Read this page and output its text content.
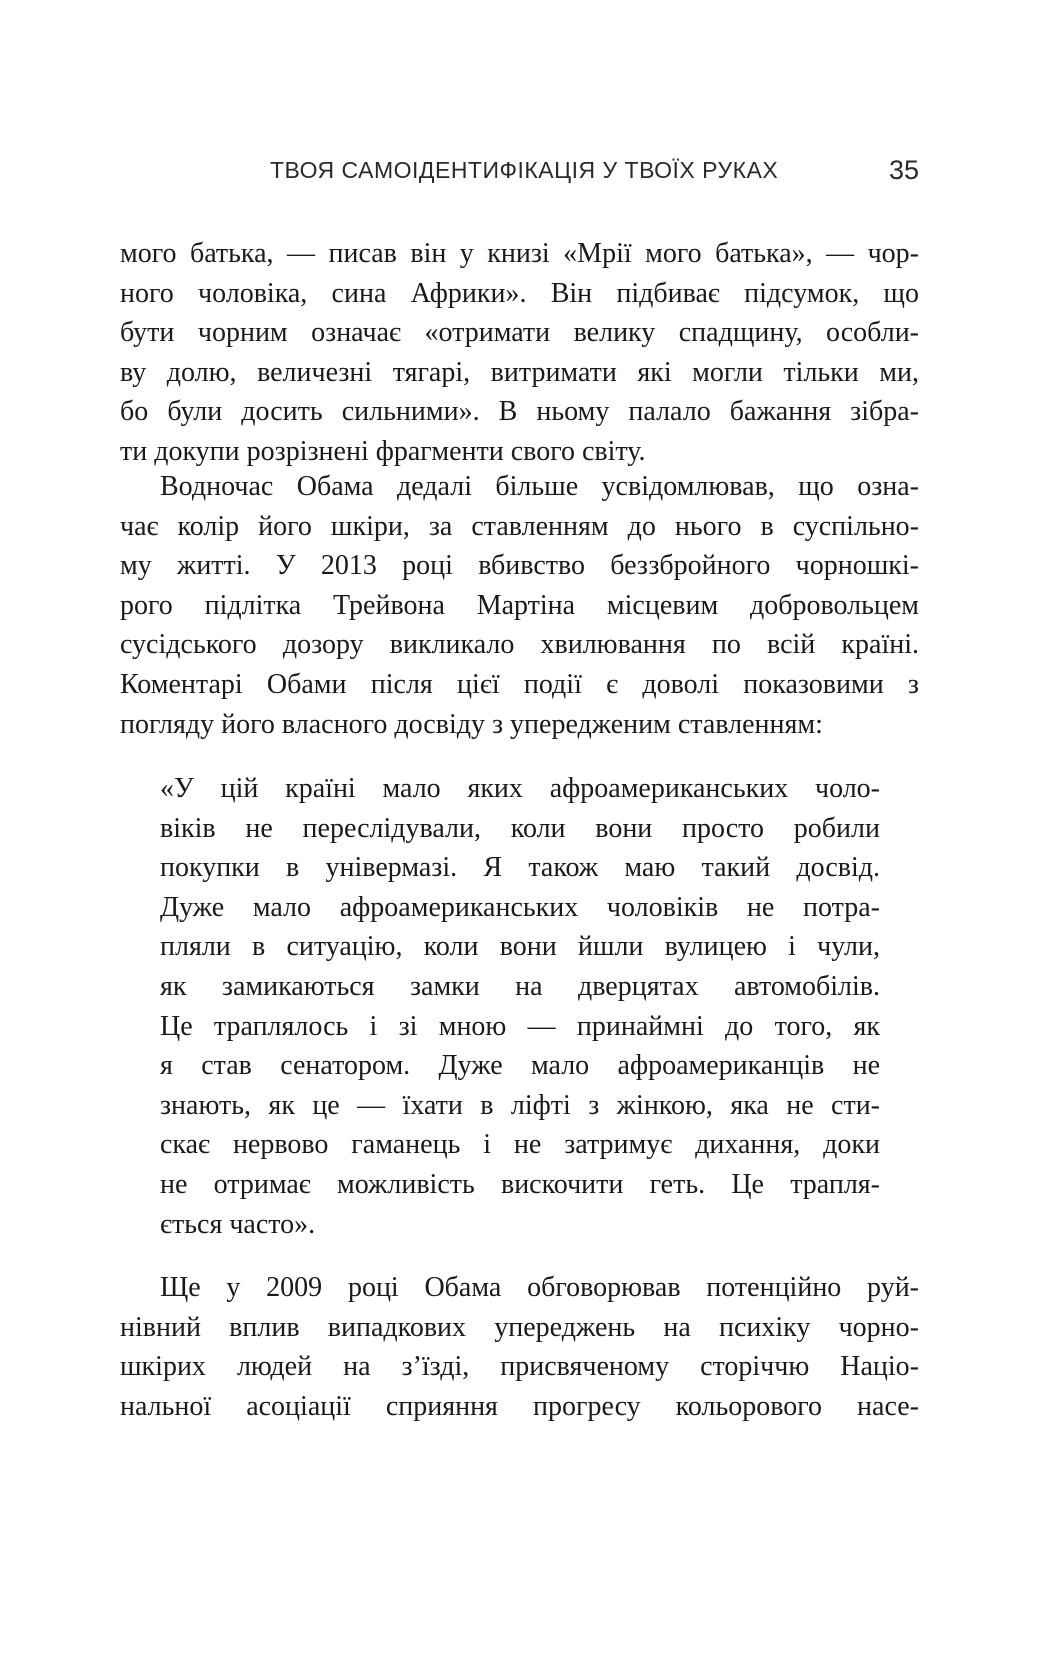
ТВОЯ САМОІДЕНТИФІКАЦІЯ У ТВОЇХ РУКАХ	35
мого батька, — писав він у книзі «Мрії мого батька», — чор-
ного чоловіка, сина Африки». Він підбиває підсумок, що
бути чорним означає «отримати велику спадщину, особли-
ву долю, величезні тягарі, витримати які могли тільки ми,
бо були досить сильними». В ньому палало бажання зібра-
ти докупи розрізнені фрагменти свого світу.
Водночас Обама дедалі більше усвідомлював, що озна-
чає колір його шкіри, за ставленням до нього в суспільно-
му житті. У 2013 році вбивство беззбройного чорношкі-
рого підлітка Трейвона Мартіна місцевим добровольцем
сусідського дозору викликало хвилювання по всій країні.
Коментарі Обами після цієї події є доволі показовими з
погляду його власного досвіду з упередженим ставленням:
«У цій країні мало яких афроамериканських чоло-
віків не переслідували, коли вони просто робили
покупки в універмазі. Я також маю такий досвід.
Дуже мало афроамериканських чоловіків не потра-
пляли в ситуацію, коли вони йшли вулицею і чули,
як замикаються замки на дверцятах автомобілів.
Це траплялось і зі мною — принаймні до того, як
я став сенатором. Дуже мало афроамериканців не
знають, як це — їхати в ліфті з жінкою, яка не сти-
скає нервово гаманець і не затримує дихання, доки
не отримає можливість вискочити геть. Це трапля-
ється часто».
Ще у 2009 році Обама обговорював потенційно руй-
нівний вплив випадкових упереджень на психіку чорно-
шкірих людей на з’їзді, присвяченому сторіччю Націо-
нальної асоціації сприяння прогресу кольорового насе-
